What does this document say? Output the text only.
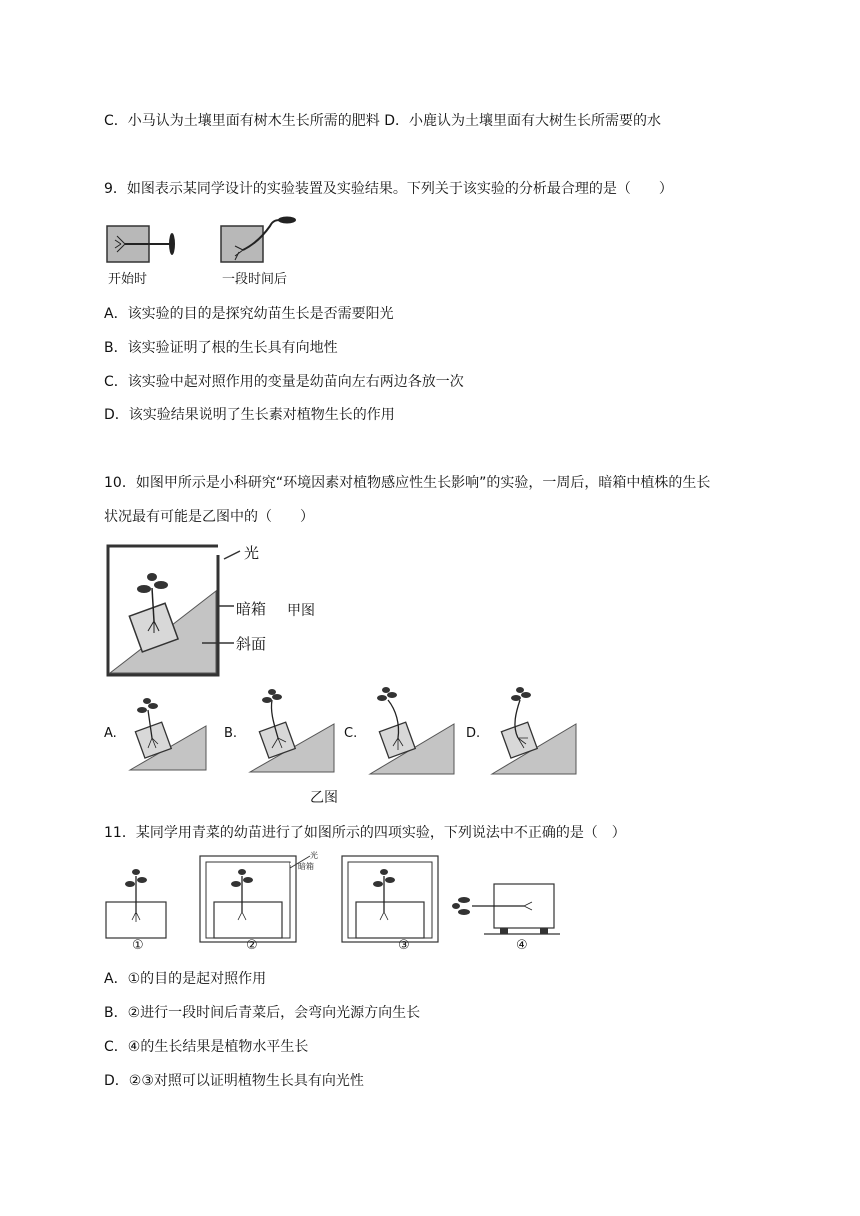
C．小马认为土壤里面有树木生长所需的肥料 D．小鹿认为土壤里面有大树生长所需要的水
9．如图表示某同学设计的实验装置及实验结果。下列关于该实验的分析最合理的是（　　）
开始时	一段时间后
A．该实验的目的是探究幼苗生长是否需要阳光
B．该实验证明了根的生长具有向地性
C．该实验中起对照作用的变量是幼苗向左右两边各放一次
D．该实验结果说明了生长素对植物生长的作用
10．如图甲所示是小科研究“环境因素对植物感应性生长影响”的实验，一周后，暗箱中植株的生长
状况最有可能是乙图中的（　　）
光
暗箱
斜面
甲图
A.	B.	C.	D.
乙图
11．某同学用青菜的幼苗进行了如图所示的四项实验，下列说法中不正确的是（　）
暗箱
光
①	②	③	④
A．①的目的是起对照作用
B．②进行一段时间后青菜后，会弯向光源方向生长
C．④的生长结果是植物水平生长
D．②③对照可以证明植物生长具有向光性
